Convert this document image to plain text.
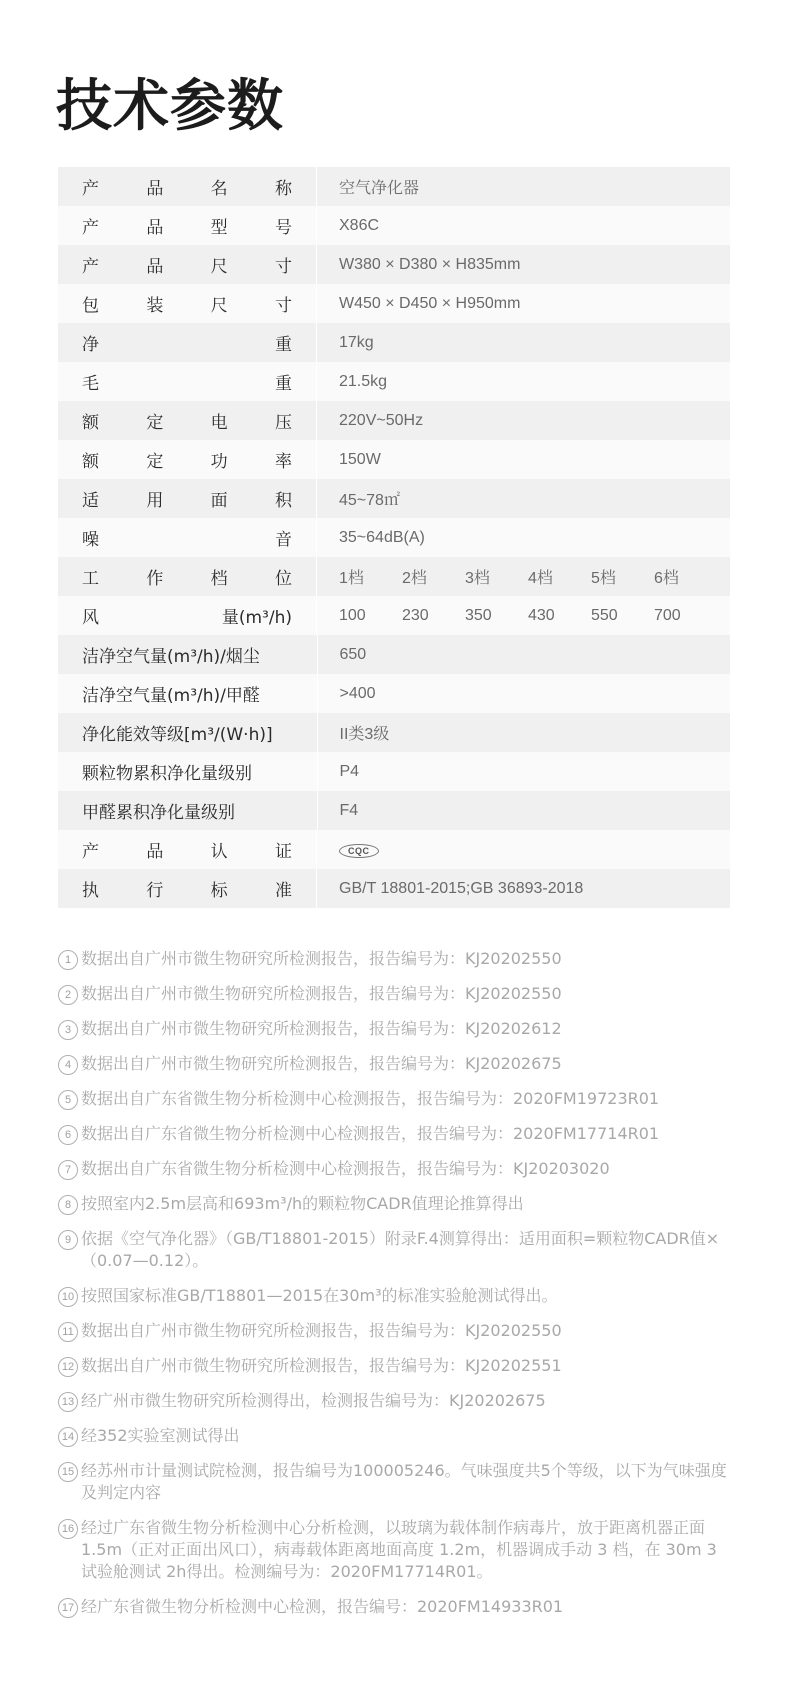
技术参数
产 品 名 称	空气净化器

产 品 型 号	X86C

产 品 尺 寸	W380 × D380 × H835mm

包 装 尺 寸	W450 × D450 × H950mm

净 重	17kg

毛 重	21.5kg

额 定 电 压	220V~50Hz

额 定 功 率	150W

适 用 面 积	45~78㎡

噪 音	35~64dB(A)

工 作 档 位	1档 2档 3档 4档 5档 6档

风 量(m³/h)	100 230 350 430 550 700
洁净空气量(m³/h)/烟尘	650
洁净空气量(m³/h)/甲醛	>400
净化能效等级[m³/(W·h)]	II类3级
颗粒物累积净化量级别	P4
甲醛累积净化量级别	F4

产 品 认 证	CQC

执 行 标 准	GB/T 18801-2015;GB 36893-2018
1 数据出自广州市微生物研究所检测报告，报告编号为：KJ20202550
2 数据出自广州市微生物研究所检测报告，报告编号为：KJ20202550
3 数据出自广州市微生物研究所检测报告，报告编号为：KJ20202612
4 数据出自广州市微生物研究所检测报告，报告编号为：KJ20202675
5 数据出自广东省微生物分析检测中心检测报告，报告编号为：2020FM19723R01
6 数据出自广东省微生物分析检测中心检测报告，报告编号为：2020FM17714R01
7 数据出自广东省微生物分析检测中心检测报告，报告编号为：KJ20203020
8 按照室内2.5m层高和693m³/h的颗粒物CADR值理论推算得出
9 依据《空气净化器》（GB/T18801-2015）附录F.4测算得出：适用面积=颗粒物CADR值×（0.07—0.12）。
10 按照国家标准GB/T18801—2015在30m³的标准实验舱测试得出。
11 数据出自广州市微生物研究所检测报告，报告编号为：KJ20202550
12 数据出自广州市微生物研究所检测报告，报告编号为：KJ20202551
13 经广州市微生物研究所检测得出，检测报告编号为：KJ20202675
14 经352实验室测试得出
15 经苏州市计量测试院检测，报告编号为100005246。气味强度共5个等级，以下为气味强度及判定内容
16 经过广东省微生物分析检测中心分析检测，以玻璃为载体制作病毒片，放于距离机器正面 1.5m（正对正面出风口），病毒载体距离地面高度 1.2m，机器调成手动 3 档，在 30m 3 试验舱测试 2h得出。检测编号为：2020FM17714R01。
17 经广东省微生物分析检测中心检测，报告编号：2020FM14933R01
